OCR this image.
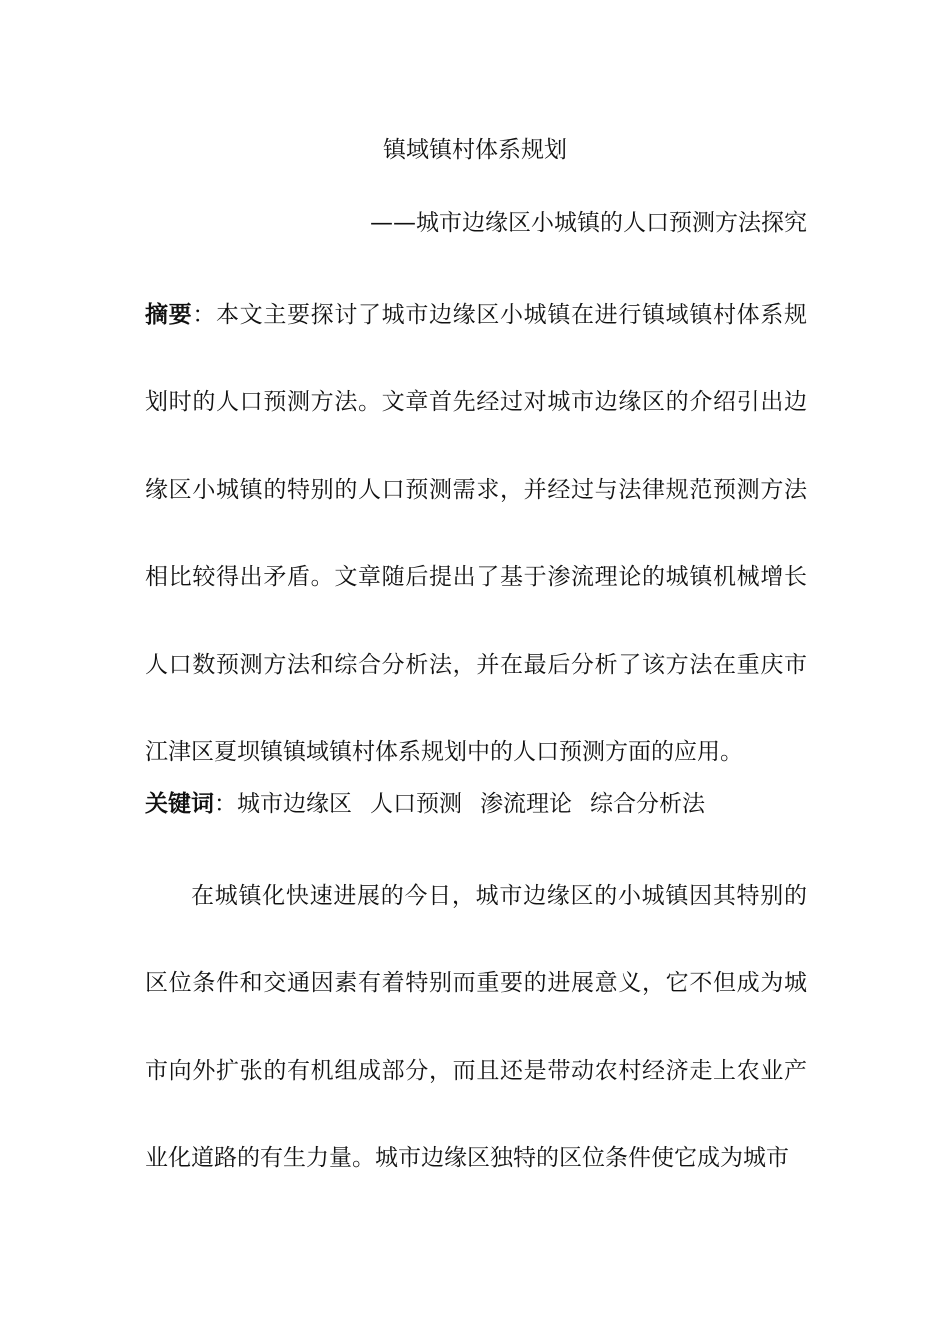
镇域镇村体系规划

——城市边缘区小城镇的人口预测方法探究

摘要：本文主要探讨了城市边缘区小城镇在进行镇域镇村体系规划时的人口预测方法。文章首先经过对城市边缘区的介绍引出边缘区小城镇的特别的人口预测需求，并经过与法律规范预测方法相比较得出矛盾。文章随后提出了基于渗流理论的城镇机械增长人口数预测方法和综合分析法，并在最后分析了该方法在重庆市江津区夏坝镇镇域镇村体系规划中的人口预测方面的应用。

关键词：城市边缘区 人口预测 渗流理论 综合分析法

在城镇化快速进展的今日，城市边缘区的小城镇因其特别的区位条件和交通因素有着特别而重要的进展意义，它不但成为城市向外扩张的有机组成部分，而且还是带动农村经济走上农业产业化道路的有生力量。城市边缘区独特的区位条件使它成为城市
